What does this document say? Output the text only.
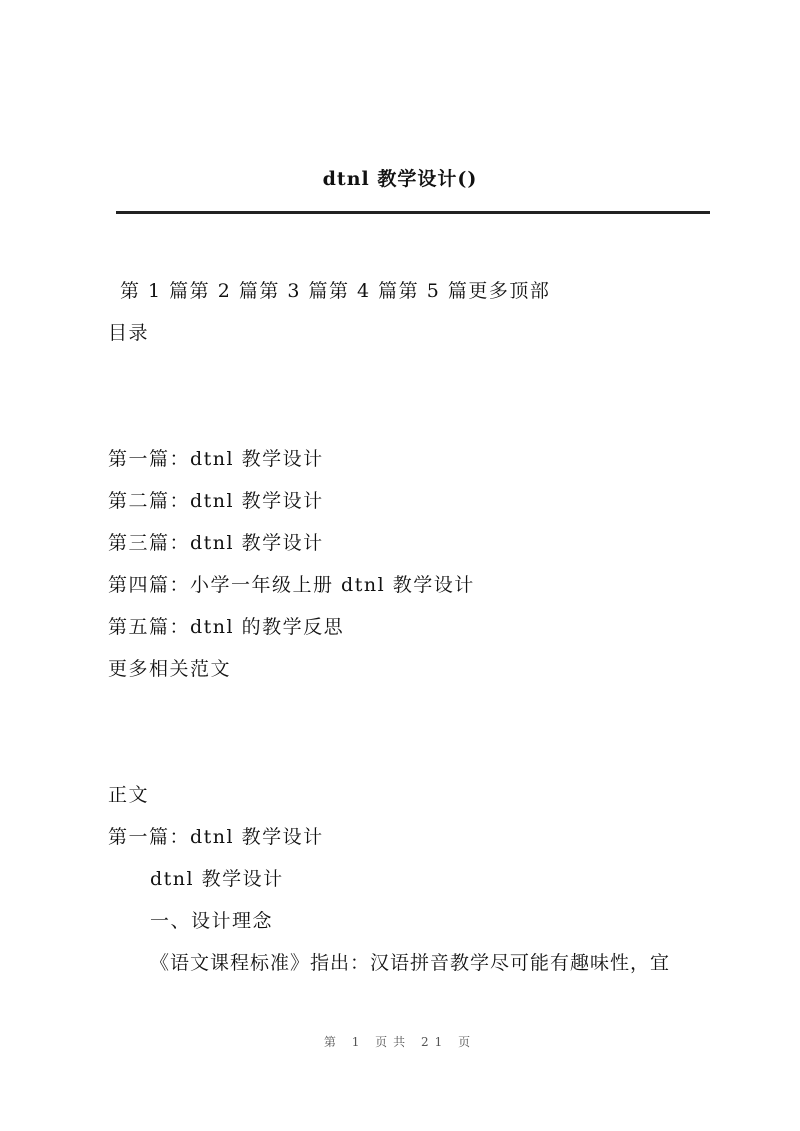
dtnl 教学设计()
第 1 篇第 2 篇第 3 篇第 4 篇第 5 篇更多顶部
目录
第一篇：dtnl 教学设计
第二篇：dtnl 教学设计
第三篇：dtnl 教学设计
第四篇：小学一年级上册 dtnl 教学设计
第五篇：dtnl 的教学反思
更多相关范文
正文
第一篇：dtnl 教学设计
dtnl 教学设计
一、设计理念
《语文课程标准》指出：汉语拼音教学尽可能有趣味性，宜
第 1 页共 21 页
